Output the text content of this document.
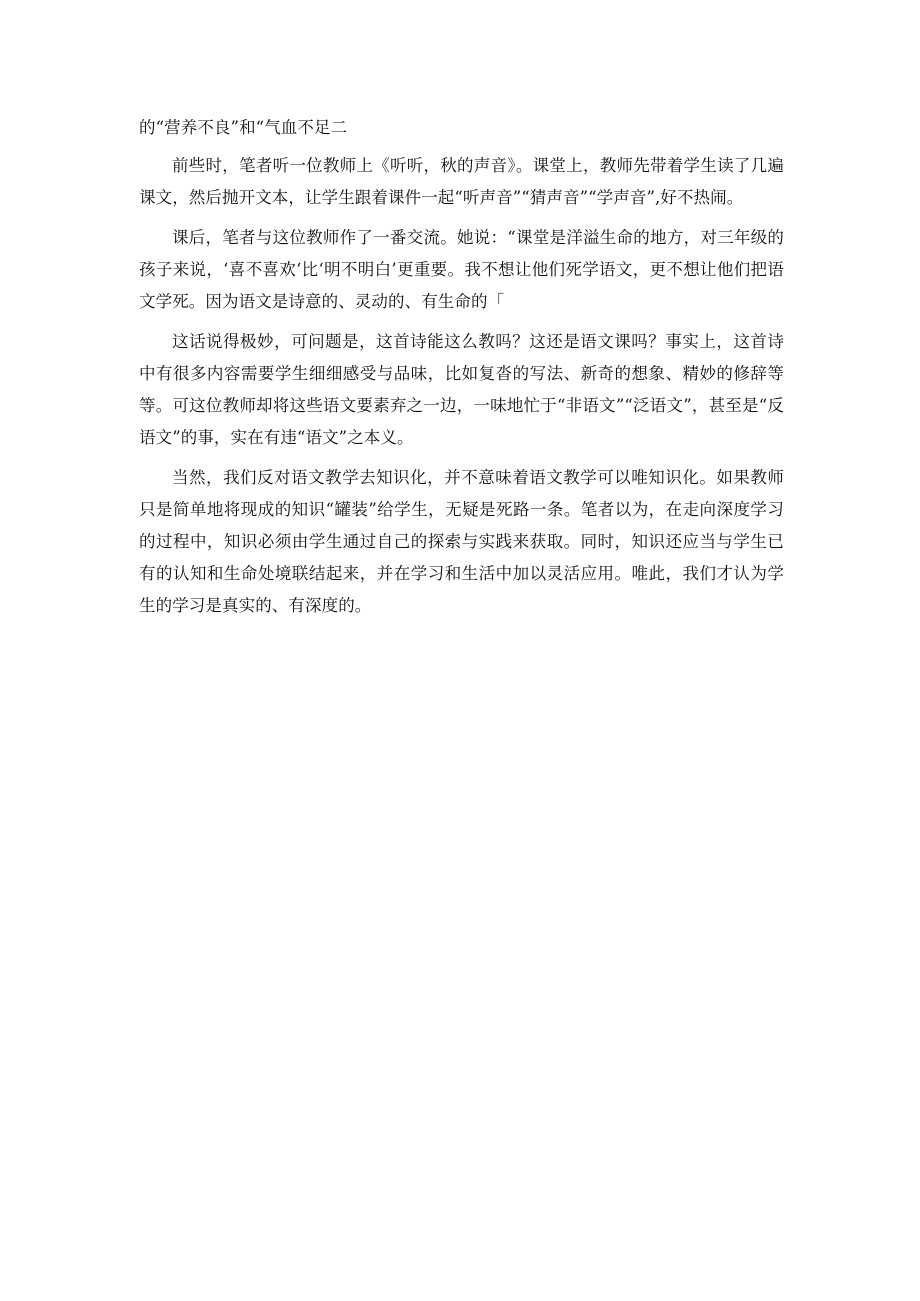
的“营养不良”和“气血不足二

前些时，笔者听一位教师上《听听，秋的声音》。课堂上，教师先带着学生读了几遍课文，然后抛开文本，让学生跟着课件一起“听声音”“猜声音”“学声音”,好不热闹。

课后，笔者与这位教师作了一番交流。她说：“课堂是洋溢生命的地方，对三年级的孩子来说，‘喜不喜欢‘比‘明不明白’更重要。我不想让他们死学语文，更不想让他们把语文学死。因为语文是诗意的、灵动的、有生命的「

这话说得极妙，可问题是，这首诗能这么教吗？这还是语文课吗？事实上，这首诗中有很多内容需要学生细细感受与品味，比如复沓的写法、新奇的想象、精妙的修辞等等。可这位教师却将这些语文要素弃之一边，一味地忙于“非语文”“泛语文”，甚至是“反语文”的事，实在有违“语文”之本义。

当然，我们反对语文教学去知识化，并不意味着语文教学可以唯知识化。如果教师只是简单地将现成的知识“罐装”给学生，无疑是死路一条。笔者以为，在走向深度学习的过程中，知识必须由学生通过自己的探索与实践来获取。同时，知识还应当与学生已有的认知和生命处境联结起来，并在学习和生活中加以灵活应用。唯此，我们才认为学生的学习是真实的、有深度的。
